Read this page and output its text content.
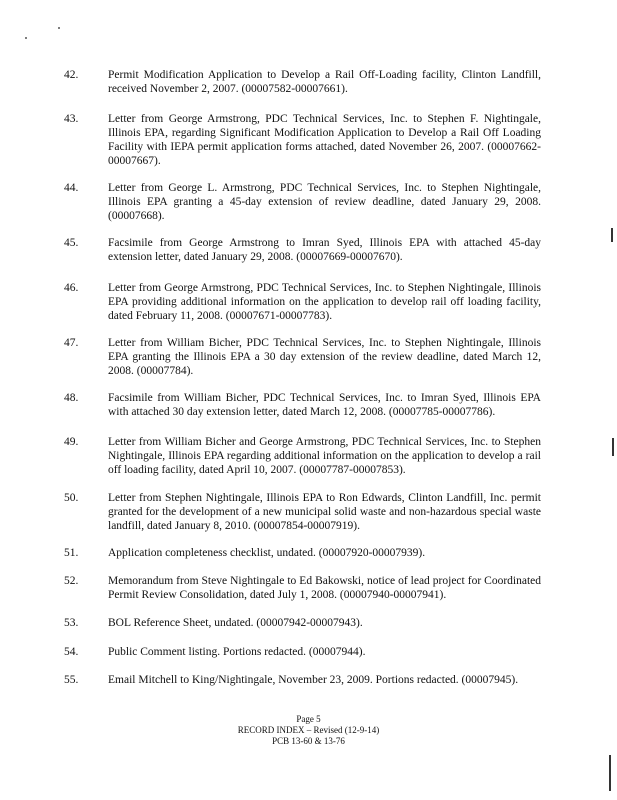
42.	Permit Modification Application to Develop a Rail Off-Loading facility, Clinton Landfill, received November 2, 2007. (00007582-00007661).
43.	Letter from George Armstrong, PDC Technical Services, Inc. to Stephen F. Nightingale, Illinois EPA, regarding Significant Modification Application to Develop a Rail Off Loading Facility with IEPA permit application forms attached, dated November 26, 2007. (00007662-00007667).
44.	Letter from George L. Armstrong, PDC Technical Services, Inc. to Stephen Nightingale, Illinois EPA granting a 45-day extension of review deadline, dated January 29, 2008. (00007668).
45.	Facsimile from George Armstrong to Imran Syed, Illinois EPA with attached 45-day extension letter, dated January 29, 2008. (00007669-00007670).
46.	Letter from George Armstrong, PDC Technical Services, Inc. to Stephen Nightingale, Illinois EPA providing additional information on the application to develop rail off loading facility, dated February 11, 2008. (00007671-00007783).
47.	Letter from William Bicher, PDC Technical Services, Inc. to Stephen Nightingale, Illinois EPA granting the Illinois EPA a 30 day extension of the review deadline, dated March 12, 2008. (00007784).
48.	Facsimile from William Bicher, PDC Technical Services, Inc. to Imran Syed, Illinois EPA with attached 30 day extension letter, dated March 12, 2008. (00007785-00007786).
49.	Letter from William Bicher and George Armstrong, PDC Technical Services, Inc. to Stephen Nightingale, Illinois EPA regarding additional information on the application to develop a rail off loading facility, dated April 10, 2007. (00007787-00007853).
50.	Letter from Stephen Nightingale, Illinois EPA to Ron Edwards, Clinton Landfill, Inc. permit granted for the development of a new municipal solid waste and non-hazardous special waste landfill, dated January 8, 2010. (00007854-00007919).
51.	Application completeness checklist, undated. (00007920-00007939).
52.	Memorandum from Steve Nightingale to Ed Bakowski, notice of lead project for Coordinated Permit Review Consolidation, dated July 1, 2008. (00007940-00007941).
53.	BOL Reference Sheet, undated. (00007942-00007943).
54.	Public Comment listing. Portions redacted. (00007944).
55.	Email Mitchell to King/Nightingale, November 23, 2009. Portions redacted. (00007945).
Page 5
RECORD INDEX – Revised (12-9-14)
PCB 13-60 & 13-76
